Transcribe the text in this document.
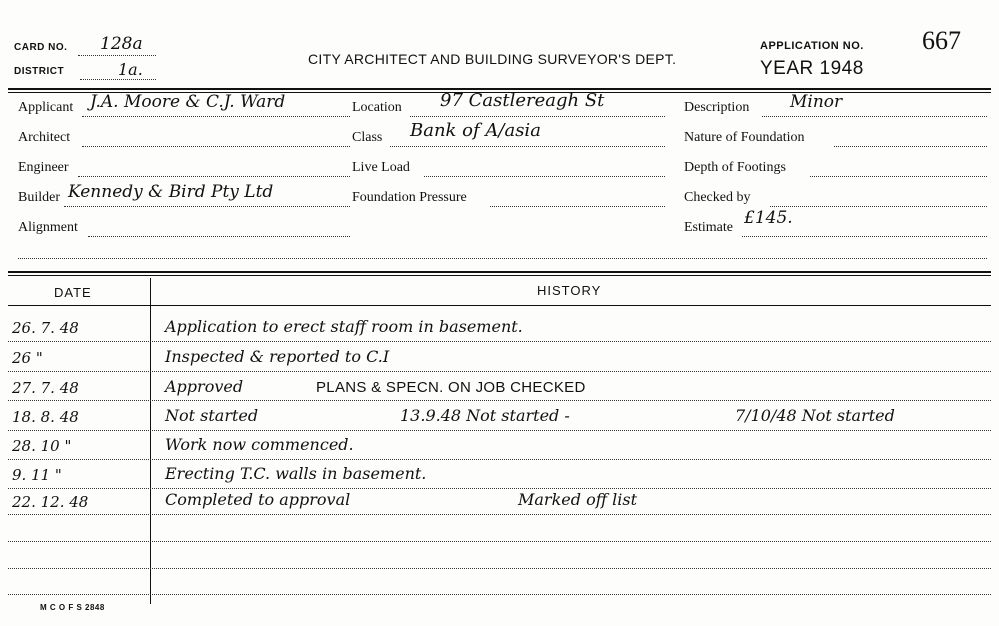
CARD NO. 128a
DISTRICT	1a.
CITY ARCHITECT AND BUILDING SURVEYOR'S DEPT.
APPLICATION NO. 667
YEAR 1948
Applicant J.A. Moore & C.J. Ward
Architect
Engineer
Builder Kennedy & Bird Pty Ltd
Alignment
Location 97 Castlereagh St
Class Bank of A/asia
Live Load
Foundation Pressure
Description Minor
Nature of Foundation
Depth of Footings
Checked by
Estimate £145.
DATE	HISTORY
26. 7. 48	Application to erect staff room in basement.
26 "	Inspected & reported to C.I
27. 7. 48	Approved	PLANS & SPECN. ON JOB CHECKED
18. 8. 48	Not started	13.9.48 Not started -	7/10/48 Not started
28. 10 "	Work now commenced.
9. 11 "	Erecting T.C. walls in basement.
22. 12. 48	Completed to approval	Marked off list
M C O F S 2848
